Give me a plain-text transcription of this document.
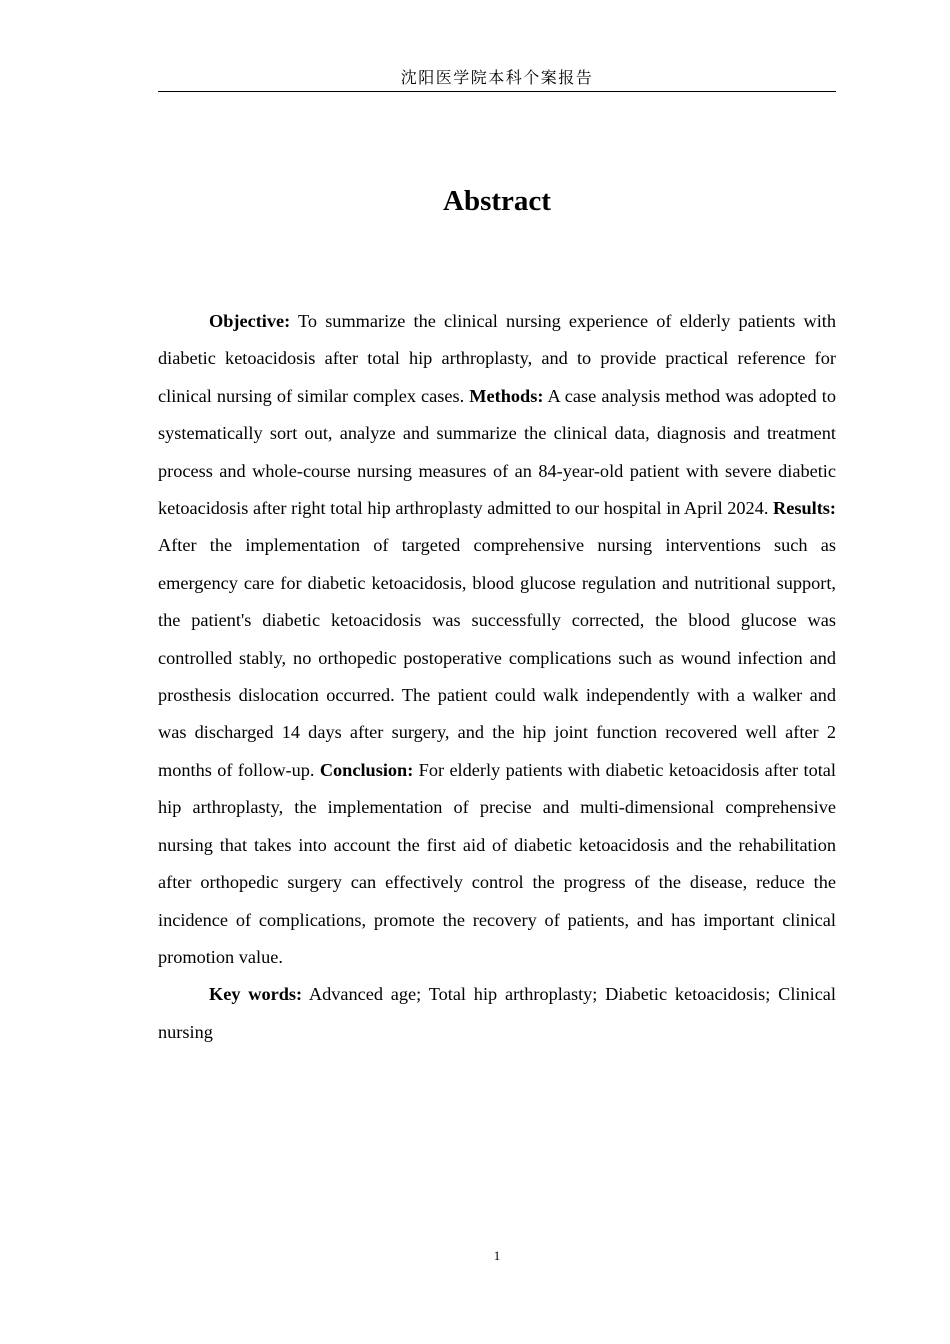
沈阳医学院本科个案报告
Abstract

Objective: To summarize the clinical nursing experience of elderly patients with diabetic ketoacidosis after total hip arthroplasty, and to provide practical reference for clinical nursing of similar complex cases. Methods: A case analysis method was adopted to systematically sort out, analyze and summarize the clinical data, diagnosis and treatment process and whole-course nursing measures of an 84-year-old patient with severe diabetic ketoacidosis after right total hip arthroplasty admitted to our hospital in April 2024. Results: After the implementation of targeted comprehensive nursing interventions such as emergency care for diabetic ketoacidosis, blood glucose regulation and nutritional support, the patient's diabetic ketoacidosis was successfully corrected, the blood glucose was controlled stably, no orthopedic postoperative complications such as wound infection and prosthesis dislocation occurred. The patient could walk independently with a walker and was discharged 14 days after surgery, and the hip joint function recovered well after 2 months of follow-up. Conclusion: For elderly patients with diabetic ketoacidosis after total hip arthroplasty, the implementation of precise and multi-dimensional comprehensive nursing that takes into account the first aid of diabetic ketoacidosis and the rehabilitation after orthopedic surgery can effectively control the progress of the disease, reduce the incidence of complications, promote the recovery of patients, and has important clinical promotion value.

Key words: Advanced age; Total hip arthroplasty; Diabetic ketoacidosis; Clinical nursing

1
